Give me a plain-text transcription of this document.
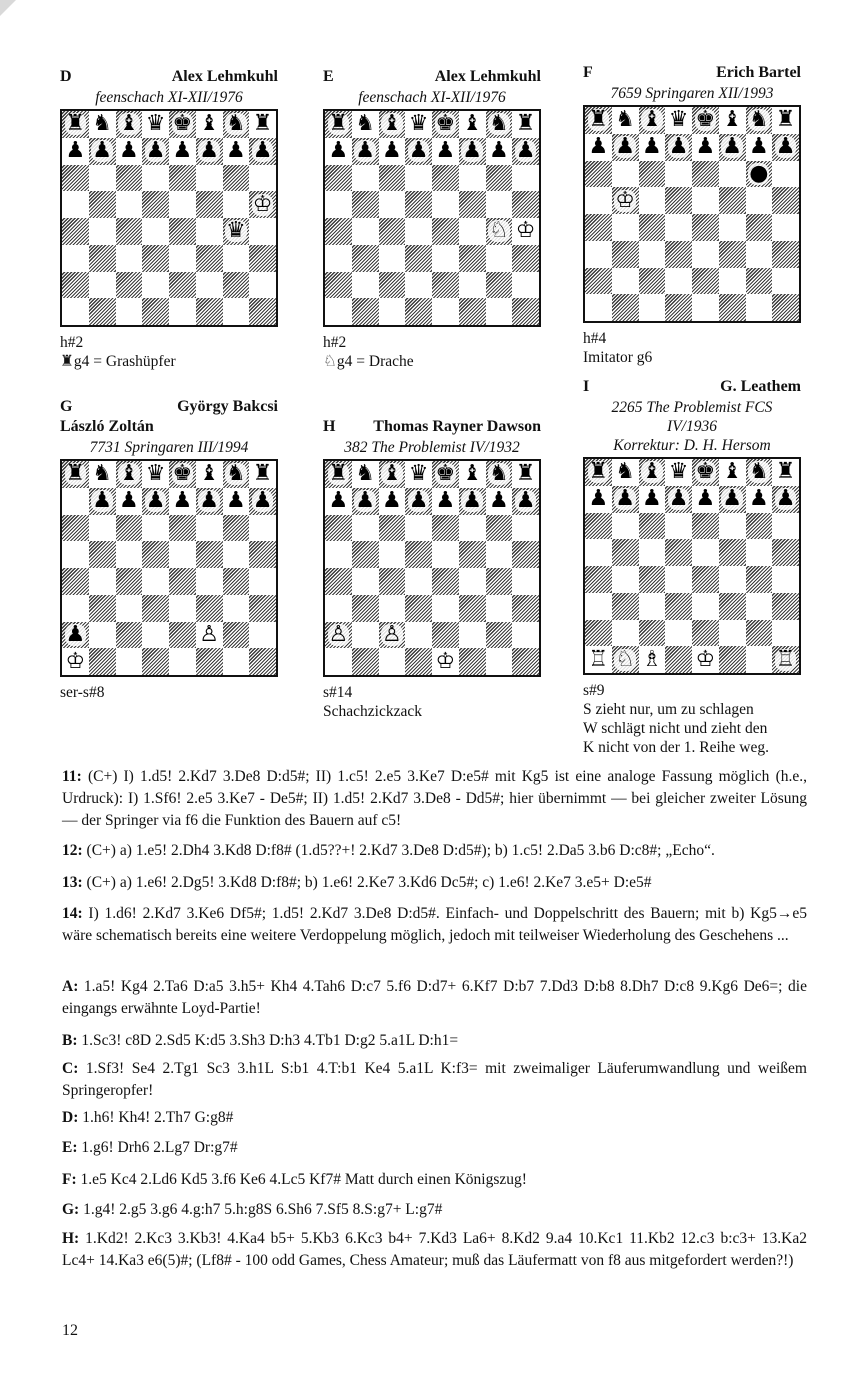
D	Alex Lehmkuhl
feenschach XI-XII/1976
♜ ♞ ♝ ♛ ♚ ♝ ♞ ♜
♟ ♟ ♟ ♟ ♟ ♟ ♟ ♟
♔
♛
h#2
♜g4 = Grashüpfer
E	Alex Lehmkuhl
feenschach XI-XII/1976
♜ ♞ ♝ ♛ ♚ ♝ ♞ ♜
♟ ♟ ♟ ♟ ♟ ♟ ♟ ♟
♘ ♔
h#2
♘g4 = Drache
F	Erich Bartel
7659 Springaren XII/1993
♜ ♞ ♝ ♛ ♚ ♝ ♞ ♜
♟ ♟ ♟ ♟ ♟ ♟ ♟ ♟
●
♔
h#4
Imitator g6
G	György Bakcsi
László Zoltán
7731 Springaren III/1994
♜ ♞ ♝ ♛ ♚ ♝ ♞ ♜
♟ ♟ ♟ ♟ ♟ ♟ ♟
♟	♙
♔
ser-s#8
H Thomas Rayner Dawson
382 The Problemist IV/1932
♜ ♞ ♝ ♛ ♚ ♝ ♞ ♜
♟ ♟ ♟ ♟ ♟ ♟ ♟ ♟
♙ ♙
♔
s#14
Schachzickzack
I	G. Leathem
2265 The Problemist FCS
IV/1936
Korrektur: D. H. Hersom
♜ ♞ ♝ ♛ ♚ ♝ ♞ ♜
♟ ♟ ♟ ♟ ♟ ♟ ♟ ♟
♖ ♘ ♗ ♔	♖
s#9
S zieht nur, um zu schlagen
W schlägt nicht und zieht den
K nicht von der 1. Reihe weg.
11: (C+) I) 1.d5! 2.Kd7 3.De8 D:d5#; II) 1.c5! 2.e5 3.Ke7 D:e5# mit Kg5 ist eine analoge Fassung möglich (h.e., Urdruck): I) 1.Sf6! 2.e5 3.Ke7 - De5#; II) 1.d5! 2.Kd7 3.De8 - Dd5#; hier übernimmt — bei gleicher zweiter Lösung — der Springer via f6 die Funktion des Bauern auf c5!
12: (C+) a) 1.e5! 2.Dh4 3.Kd8 D:f8# (1.d5??+! 2.Kd7 3.De8 D:d5#); b) 1.c5! 2.Da5 3.b6 D:c8#; „Echo“.
13: (C+) a) 1.e6! 2.Dg5! 3.Kd8 D:f8#; b) 1.e6! 2.Ke7 3.Kd6 Dc5#; c) 1.e6! 2.Ke7 3.e5+ D:e5#
14: I) 1.d6! 2.Kd7 3.Ke6 Df5#; 1.d5! 2.Kd7 3.De8 D:d5#. Einfach- und Doppelschritt des Bauern; mit b) Kg5→e5 wäre schematisch bereits eine weitere Verdoppelung möglich, jedoch mit teilweiser Wiederholung des Geschehens ...
A: 1.a5! Kg4 2.Ta6 D:a5 3.h5+ Kh4 4.Tah6 D:c7 5.f6 D:d7+ 6.Kf7 D:b7 7.Dd3 D:b8 8.Dh7 D:c8 9.Kg6 De6=; die eingangs erwähnte Loyd-Partie!
B: 1.Sc3! c8D 2.Sd5 K:d5 3.Sh3 D:h3 4.Tb1 D:g2 5.a1L D:h1=
C: 1.Sf3! Se4 2.Tg1 Sc3 3.h1L S:b1 4.T:b1 Ke4 5.a1L K:f3= mit zweimaliger Läuferumwandlung und weißem Springeropfer!
D: 1.h6! Kh4! 2.Th7 G:g8#
E: 1.g6! Drh6 2.Lg7 Dr:g7#
F: 1.e5 Kc4 2.Ld6 Kd5 3.f6 Ke6 4.Lc5 Kf7# Matt durch einen Königszug!
G: 1.g4! 2.g5 3.g6 4.g:h7 5.h:g8S 6.Sh6 7.Sf5 8.S:g7+ L:g7#
H: 1.Kd2! 2.Kc3 3.Kb3! 4.Ka4 b5+ 5.Kb3 6.Kc3 b4+ 7.Kd3 La6+ 8.Kd2 9.a4 10.Kc1 11.Kb2 12.c3 b:c3+ 13.Ka2 Lc4+ 14.Ka3 e6(5)#; (Lf8# - 100 odd Games, Chess Amateur; muß das Läufermatt von f8 aus mitgefordert werden?!)
12
